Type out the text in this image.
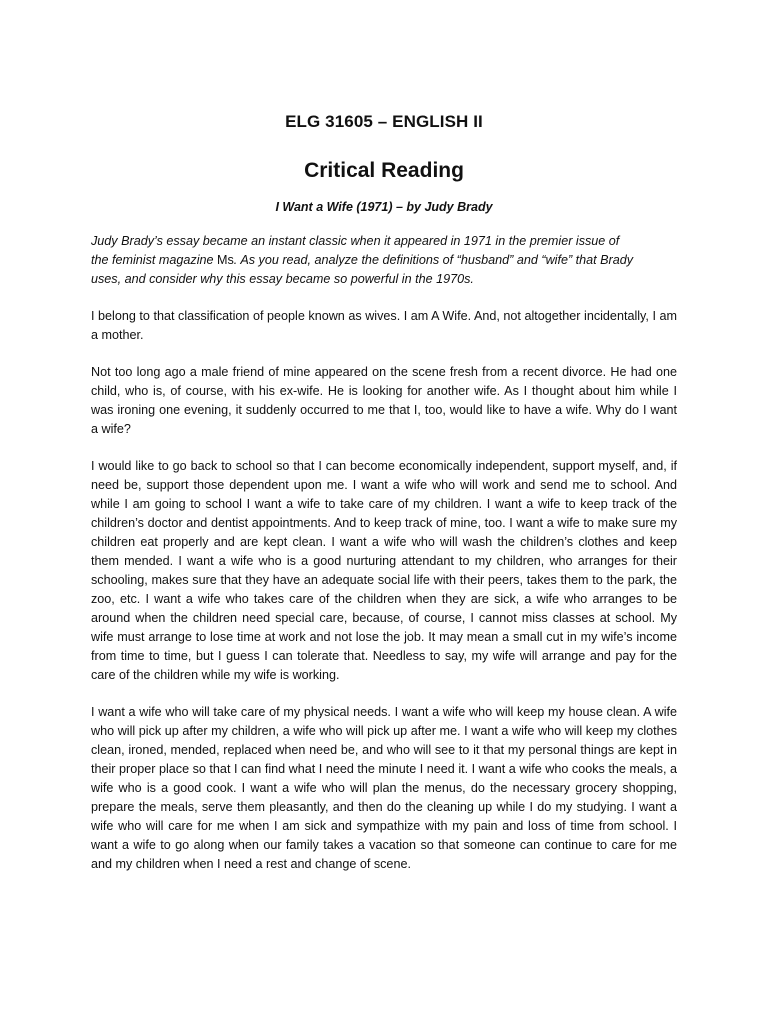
ELG 31605 – ENGLISH II
Critical Reading
I Want a Wife (1971) – by Judy Brady

Judy Brady’s essay became an instant classic when it appeared in 1971 in the premier issue of the feminist magazine Ms. As you read, analyze the definitions of “husband” and “wife” that Brady uses, and consider why this essay became so powerful in the 1970s.

I belong to that classification of people known as wives. I am A Wife. And, not altogether incidentally, I am a mother.

Not too long ago a male friend of mine appeared on the scene fresh from a recent divorce. He had one child, who is, of course, with his ex-wife. He is looking for another wife. As I thought about him while I was ironing one evening, it suddenly occurred to me that I, too, would like to have a wife. Why do I want a wife?

I would like to go back to school so that I can become economically independent, support myself, and, if need be, support those dependent upon me. I want a wife who will work and send me to school. And while I am going to school I want a wife to take care of my children. I want a wife to keep track of the children’s doctor and dentist appointments. And to keep track of mine, too. I want a wife to make sure my children eat properly and are kept clean. I want a wife who will wash the children’s clothes and keep them mended. I want a wife who is a good nurturing attendant to my children, who arranges for their schooling, makes sure that they have an adequate social life with their peers, takes them to the park, the zoo, etc. I want a wife who takes care of the children when they are sick, a wife who arranges to be around when the children need special care, because, of course, I cannot miss classes at school. My wife must arrange to lose time at work and not lose the job. It may mean a small cut in my wife’s income from time to time, but I guess I can tolerate that. Needless to say, my wife will arrange and pay for the care of the children while my wife is working.

I want a wife who will take care of my physical needs. I want a wife who will keep my house clean. A wife who will pick up after my children, a wife who will pick up after me. I want a wife who will keep my clothes clean, ironed, mended, replaced when need be, and who will see to it that my personal things are kept in their proper place so that I can find what I need the minute I need it. I want a wife who cooks the meals, a wife who is a good cook. I want a wife who will plan the menus, do the necessary grocery shopping, prepare the meals, serve them pleasantly, and then do the cleaning up while I do my studying. I want a wife who will care for me when I am sick and sympathize with my pain and loss of time from school. I want a wife to go along when our family takes a vacation so that someone can continue to care for me and my children when I need a rest and change of scene.
